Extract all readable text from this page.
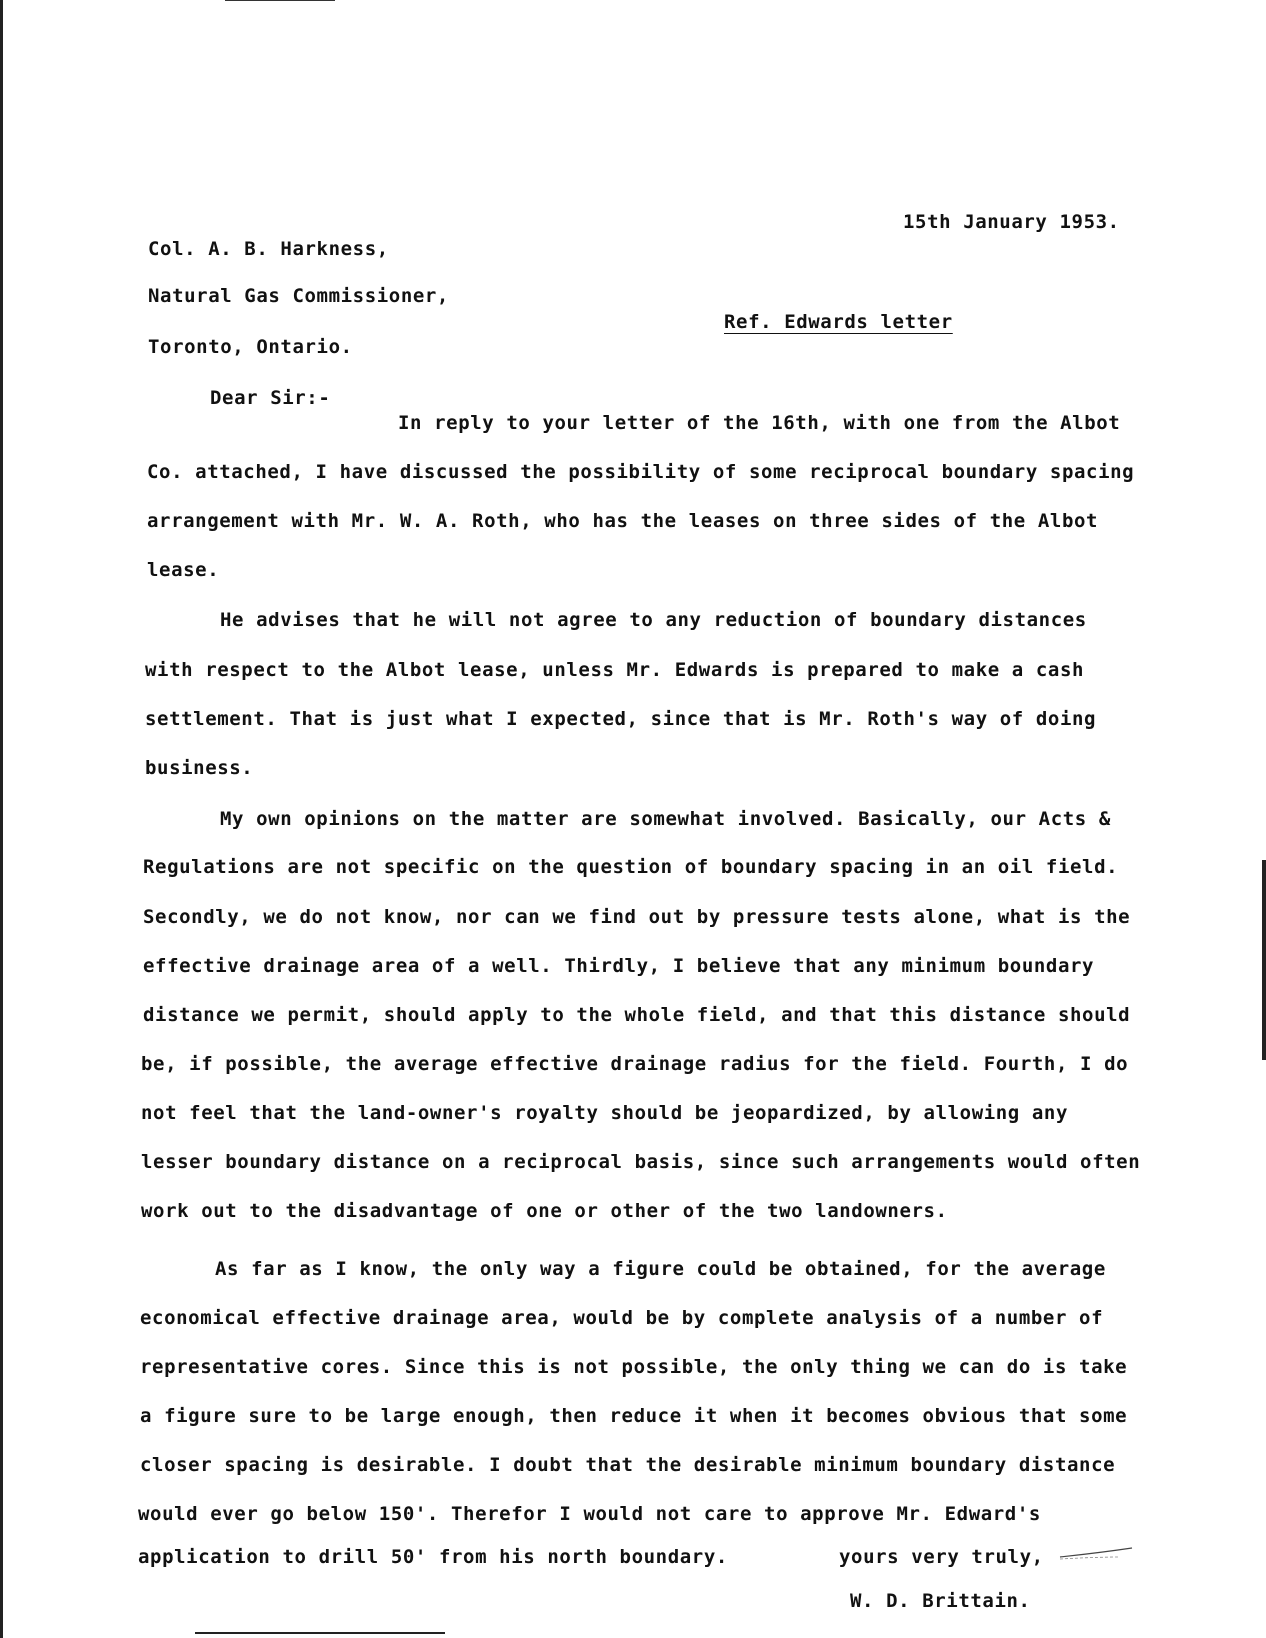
15th January 1953.
Col. A. B. Harkness,
Natural Gas Commissioner,
Ref. Edwards letter
Toronto, Ontario.
Dear Sir:-
In reply to your letter of the 16th, with one from the Albot
Co. attached, I have discussed the possibility of some reciprocal boundary spacing
arrangement with Mr. W. A. Roth, who has the leases on three sides of the Albot
lease.
He advises that he will not agree to any reduction of boundary distances
with respect to the Albot lease, unless Mr. Edwards is prepared to make a cash
settlement. That is just what I expected, since that is Mr. Roth's way of doing
business.
My own opinions on the matter are somewhat involved. Basically, our Acts &
Regulations are not specific on the question of boundary spacing in an oil field.
Secondly, we do not know, nor can we find out by pressure tests alone, what is the
effective drainage area of a well. Thirdly, I believe that any minimum boundary
distance we permit, should apply to the whole field, and that this distance should
be, if possible, the average effective drainage radius for the field. Fourth, I do
not feel that the land-owner's royalty should be jeopardized, by allowing any
lesser boundary distance on a reciprocal basis, since such arrangements would often
work out to the disadvantage of one or other of the two landowners.
As far as I know, the only way a figure could be obtained, for the average
economical effective drainage area, would be by complete analysis of a number of
representative cores. Since this is not possible, the only thing we can do is take
a figure sure to be large enough, then reduce it when it becomes obvious that some
closer spacing is desirable. I doubt that the desirable minimum boundary distance
would ever go below 150'. Therefor I would not care to approve Mr. Edward's
application to drill 50' from his north boundary.	yours very truly,
W. D. Brittain.
